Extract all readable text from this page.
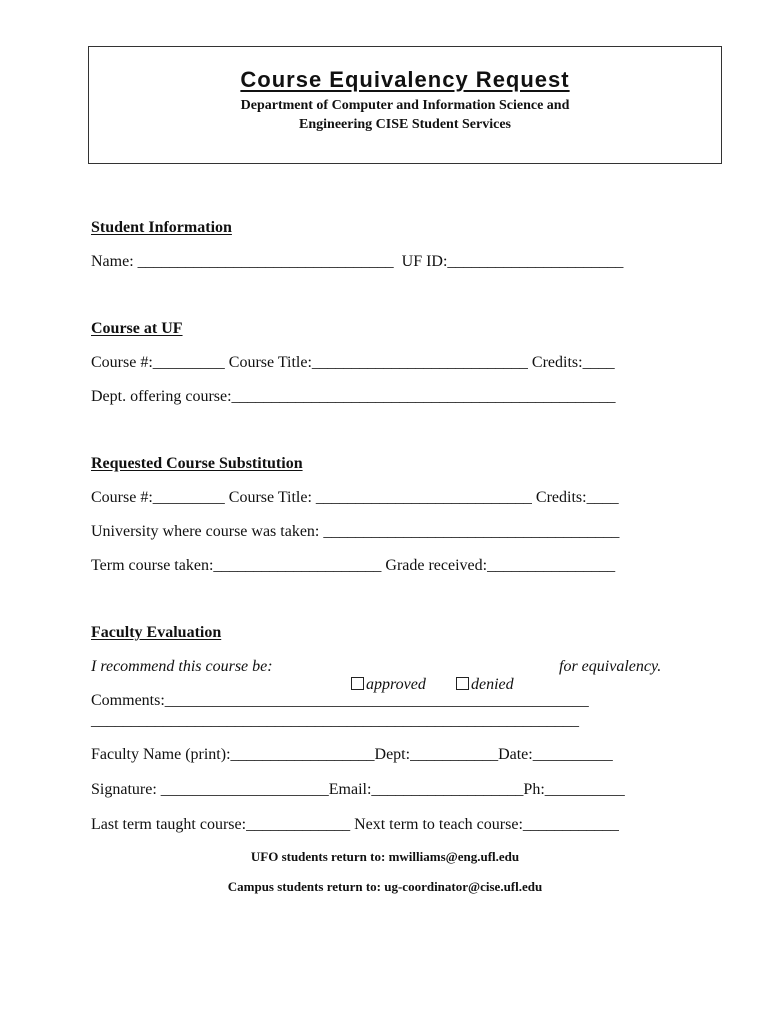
Course Equivalency Request
Department of Computer and Information Science and
Engineering CISE Student Services
Student Information
Name: ________________________________  UF ID:______________________
Course at UF
Course #:_________ Course Title:___________________________ Credits:____
Dept. offering course:________________________________________________
Requested Course Substitution
Course #:_________ Course Title: ___________________________ Credits:____
University where course was taken: _____________________________________
Term course taken:_____________________ Grade received:________________
Faculty Evaluation
I recommend this course be:

approved	denied

for equivalency.
Comments:_____________________________________________________
_____________________________________________________________
Faculty Name (print):__________________Dept:___________Date:__________
Signature: _____________________Email:___________________Ph:__________
Last term taught course:_____________ Next term to teach course:____________
UFO students return to: mwilliams@eng.ufl.edu
Campus students return to: ug-coordinator@cise.ufl.edu
